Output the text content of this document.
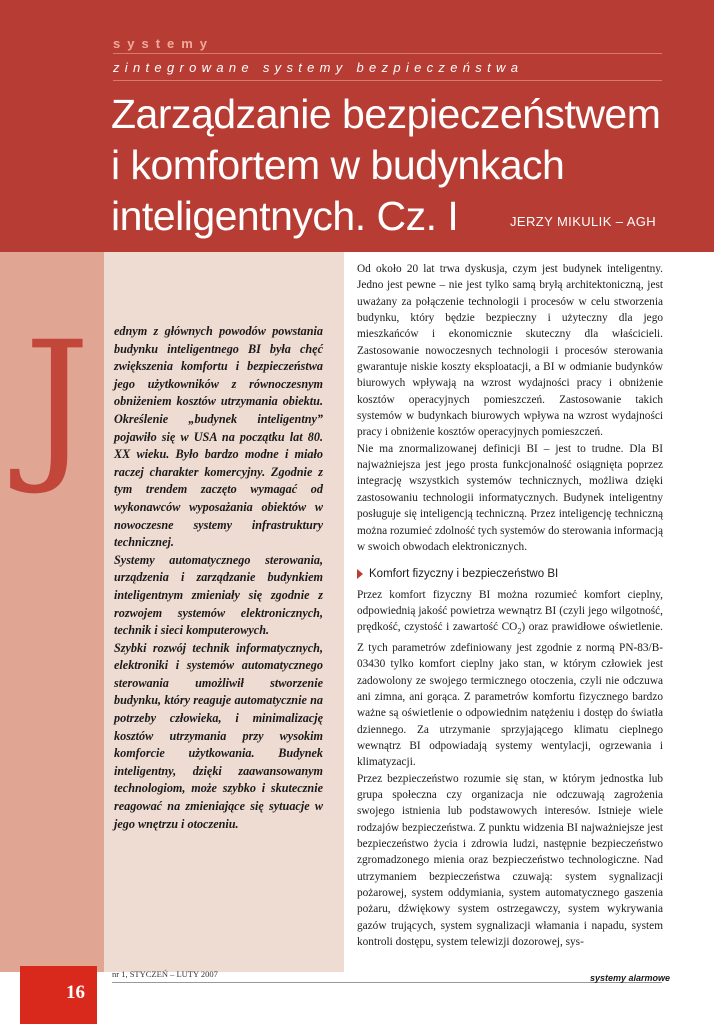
systemy
zintegrowane systemy bezpieczeństwa
Zarządzanie bezpieczeństwem
i komfortem w budynkach
inteligentnych. Cz. I	JERZY MIKULIK – AGH
J ednym z głównych powodów powstania budynku inteligentnego BI była chęć zwiększenia komfortu i bezpieczeństwa jego użytkowników z równoczesnym obniżeniem kosztów utrzymania obiektu. Określenie „budynek inteligentny” pojawiło się w USA na początku lat 80. XX wieku. Było bardzo modne i miało raczej charakter komercyjny. Zgodnie z tym trendem zaczęto wymagać od wykonawców wyposażania obiektów w nowoczesne systemy infrastruktury technicznej.

Systemy automatycznego sterowania, urządzenia i zarządzanie budynkiem inteligentnym zmieniały się zgodnie z rozwojem systemów elektronicznych, technik i sieci komputerowych.

Szybki rozwój technik informatycznych, elektroniki i systemów automatycznego sterowania umożliwił stworzenie budynku, który reaguje automatycznie na potrzeby człowieka, i minimalizację kosztów utrzymania przy wysokim komforcie użytkowania. Budynek inteligentny, dzięki zaawansowanym technologiom, może szybko i skutecznie reagować na zmieniające się sytuacje w jego wnętrzu i otoczeniu.

Od około 20 lat trwa dyskusja, czym jest budynek inteligentny. Jedno jest pewne – nie jest tylko samą bryłą architektoniczną, jest uważany za połączenie technologii i procesów w celu stworzenia budynku, który będzie bezpieczny i użyteczny dla jego mieszkańców i ekonomicznie skuteczny dla właścicieli. Zastosowanie nowoczesnych technologii i procesów sterowania gwarantuje niskie koszty eksploatacji, a BI w odmianie budynków biurowych wpływają na wzrost wydajności pracy i obniżenie kosztów operacyjnych pomieszczeń. Zastosowanie takich systemów w budynkach biurowych wpływa na wzrost wydajności pracy i obniżenie kosztów operacyjnych pomieszczeń.

Nie ma znormalizowanej definicji BI – jest to trudne. Dla BI najważniejsza jest jego prosta funkcjonalność osiągnięta poprzez integrację wszystkich systemów technicznych, możliwa dzięki zastosowaniu technologii informatycznych. Budynek inteligentny posługuje się inteligencją techniczną. Przez inteligencję techniczną można rozumieć zdolność tych systemów do sterowania informacją w swoich obwodach elektronicznych.

Komfort fizyczny i bezpieczeństwo BI

Przez komfort fizyczny BI można rozumieć komfort cieplny, odpowiednią jakość powietrza wewnątrz BI (czyli jego wilgotność, prędkość, czystość i zawartość $CO_2$) oraz prawidłowe oświetlenie. Z tych parametrów zdefiniowany jest zgodnie z normą PN-83/B-03430 tylko komfort cieplny jako stan, w którym człowiek jest zadowolony ze swojego termicznego otoczenia, czyli nie odczuwa ani zimna, ani gorąca. Z parametrów komfortu fizycznego bardzo ważne są oświetlenie o odpowiednim natężeniu i dostęp do światła dziennego. Za utrzymanie sprzyjającego klimatu cieplnego wewnątrz BI odpowiadają systemy wentylacji, ogrzewania i klimatyzacji.

Przez bezpieczeństwo rozumie się stan, w którym jednostka lub grupa społeczna czy organizacja nie odczuwają zagrożenia swojego istnienia lub podstawowych interesów. Istnieje wiele rodzajów bezpieczeństwa. Z punktu widzenia BI najważniejsze jest bezpieczeństwo życia i zdrowia ludzi, następnie bezpieczeństwo zgromadzonego mienia oraz bezpieczeństwo technologiczne. Nad utrzymaniem bezpieczeństwa czuwają: system sygnalizacji pożarowej, system oddymiania, system automatycznego gaszenia pożaru, dźwiękowy system ostrzegawczy, system wykrywania gazów trujących, system sygnalizacji włamania i napadu, system kontroli dostępu, system telewizji dozorowej, sys-

16
nr 1, STYCZEŃ – LUTY 2007	systemy alarmowe
